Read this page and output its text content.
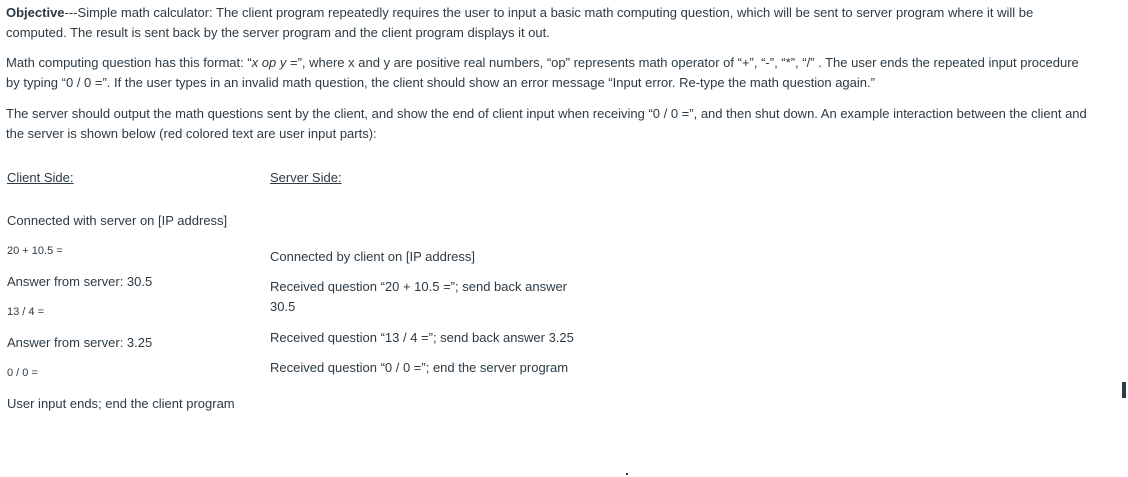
Objective---Simple math calculator: The client program repeatedly requires the user to input a basic math computing question, which will be sent to server program where it will be computed. The result is sent back by the server program and the client program displays it out.

Math computing question has this format: “x op y =”, where x and y are positive real numbers, “op” represents math operator of “+”, “-”, “*”, “/” . The user ends the repeated input procedure by typing “0 / 0 =”. If the user types in an invalid math question, the client should show an error message “Input error. Re-type the math question again.”

The server should output the math questions sent by the client, and show the end of client input when receiving “0 / 0 =”, and then shut down. An example interaction between the client and the server is shown below (red colored text are user input parts):

Client Side:	Server Side:
Connected with server on [IP address]
20 + 10.5 =
Answer from server: 30.5
13 / 4 =
Answer from server: 3.25
0 / 0 =
User input ends; end the client program
Connected by client on [IP address]
Received question “20 + 10.5 =”; send back answer
30.5
Received question “13 / 4 =”; send back answer 3.25
Received question “0 / 0 =”; end the server program
